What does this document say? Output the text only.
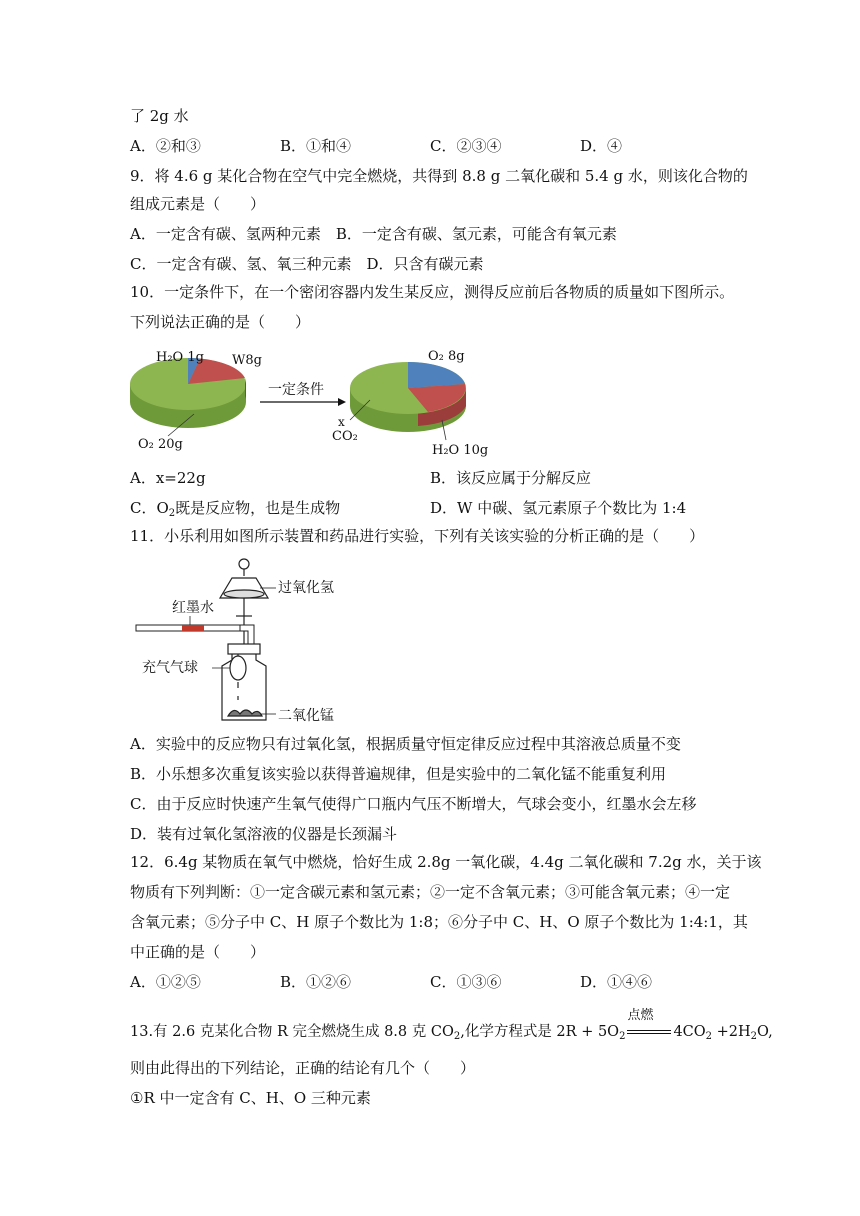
了 2g 水
A．②和③	B．①和④	C．②③④	D．④
9．将 4.6 g 某化合物在空气中完全燃烧，共得到 8.8 g 二氧化碳和 5.4 g 水，则该化合物的
组成元素是（　　）
A．一定含有碳、氢两种元素　B．一定含有碳、氢元素，可能含有氧元素
C．一定含有碳、氢、氧三种元素　D．只含有碳元素
10．一定条件下，在一个密闭容器内发生某反应，测得反应前后各物质的质量如下图所示。
下列说法正确的是（　　）
H₂O 1g W8g
O₂ 20g
一定条件
O₂ 8g
x
CO₂
H₂O 10g
A．x=22g	B．该反应属于分解反应
C．$O_2$既是反应物，也是生成物	D．W 中碳、氢元素原子个数比为 1:4
11．小乐利用如图所示装置和药品进行实验，下列有关该实验的分析正确的是（　　）
红墨水
过氧化氢
充气气球
二氧化锰
A．实验中的反应物只有过氧化氢，根据质量守恒定律反应过程中其溶液总质量不变
B．小乐想多次重复该实验以获得普遍规律，但是实验中的二氧化锰不能重复利用
C．由于反应时快速产生氧气使得广口瓶内气压不断增大，气球会变小，红墨水会左移
D．装有过氧化氢溶液的仪器是长颈漏斗
12．6.4g 某物质在氧气中燃烧，恰好生成 2.8g 一氧化碳，4.4g 二氧化碳和 7.2g 水，关于该
物质有下列判断：①一定含碳元素和氢元素；②一定不含氧元素；③可能含氧元素；④一定
含氧元素；⑤分子中 C、H 原子个数比为 1:8；⑥分子中 C、H、O 原子个数比为 1:4:1，其
中正确的是（　　）
A．①②⑤	B．①②⑥	C．①③⑥	D．①④⑥
13.有 2.6 克某化合物 R 完全燃烧生成 8.8 克 $CO_2$,化学方程式是 $2R + 5O_2$
点燃
$4CO_2 +2H_2O$,
则由此得出的下列结论，正确的结论有几个（　　）
①R 中一定含有 C、H、O 三种元素
